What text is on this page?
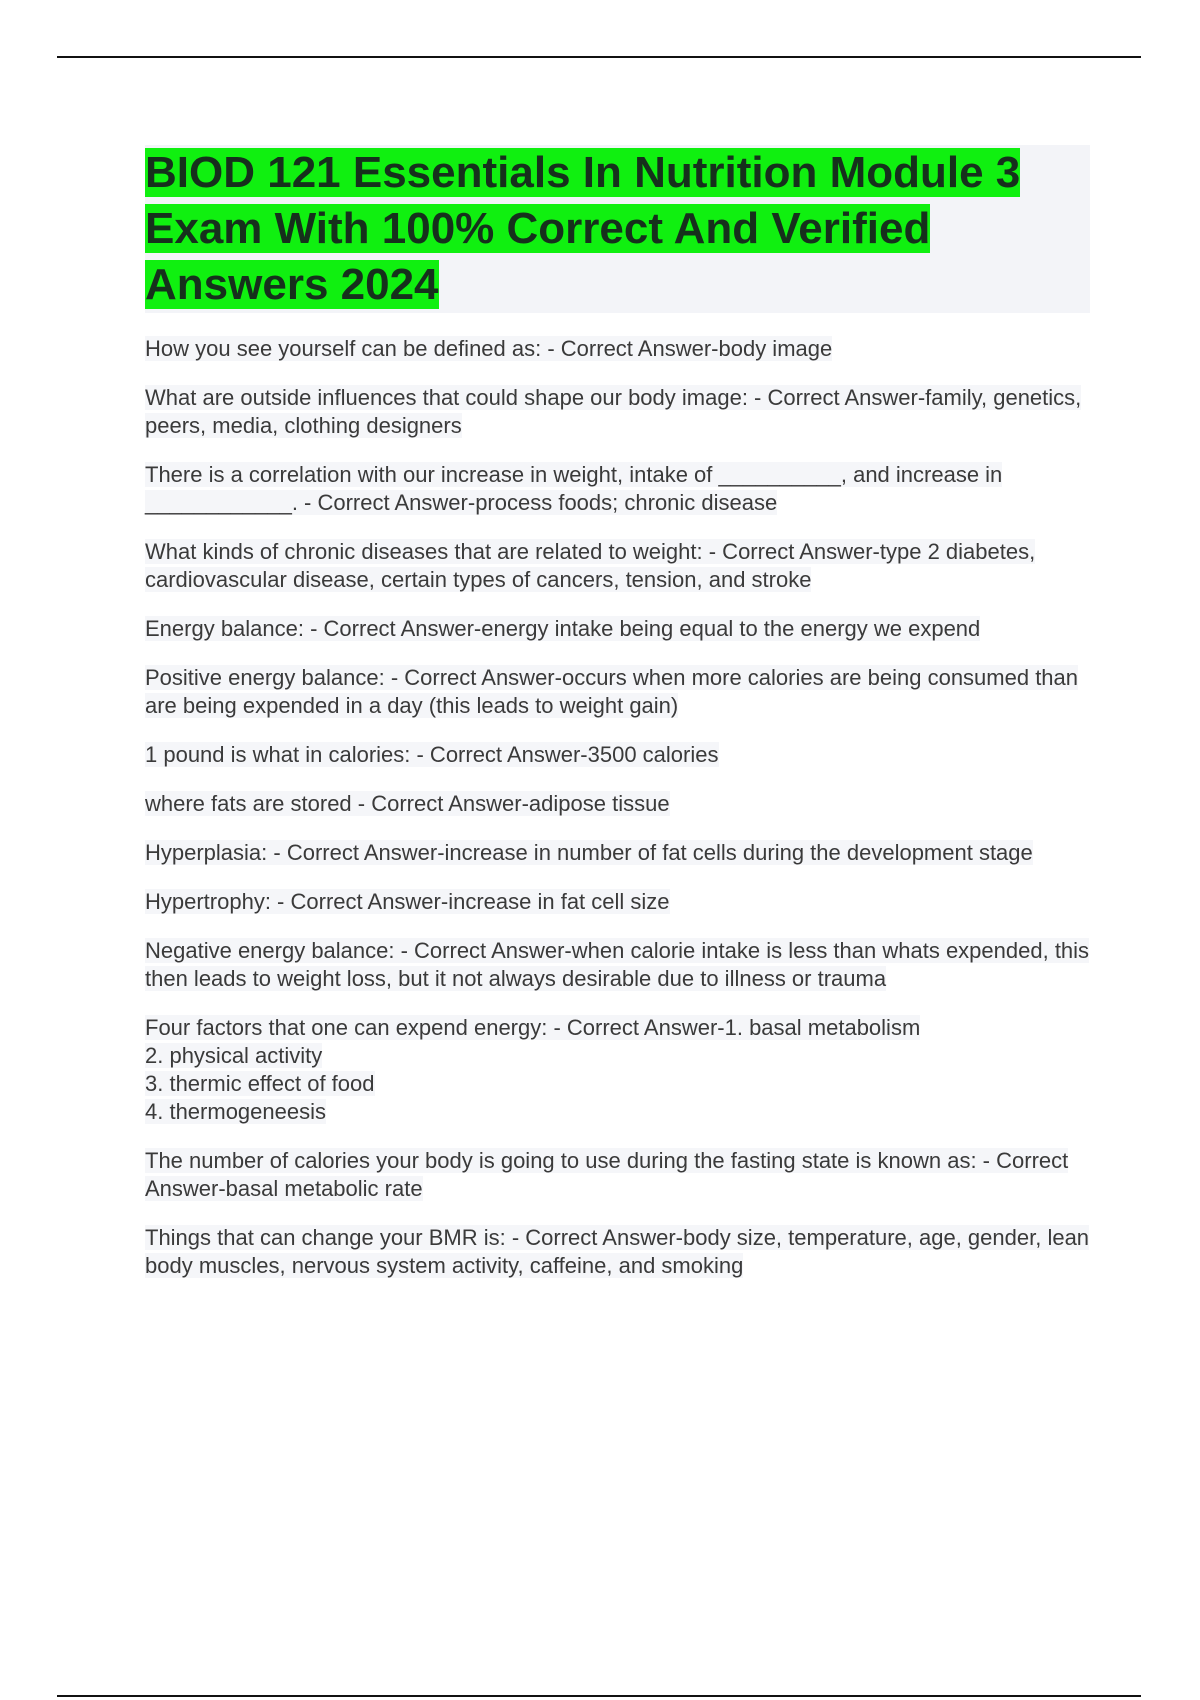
BIOD 121 Essentials In Nutrition Module 3 Exam With 100% Correct And Verified Answers 2024

How you see yourself can be defined as: - Correct Answer-body image

What are outside influences that could shape our body image: - Correct Answer-family, genetics, peers, media, clothing designers

There is a correlation with our increase in weight, intake of __________, and increase in ____________. - Correct Answer-process foods; chronic disease

What kinds of chronic diseases that are related to weight: - Correct Answer-type 2 diabetes, cardiovascular disease, certain types of cancers, tension, and stroke

Energy balance: - Correct Answer-energy intake being equal to the energy we expend

Positive energy balance: - Correct Answer-occurs when more calories are being consumed than are being expended in a day (this leads to weight gain)

1 pound is what in calories: - Correct Answer-3500 calories

where fats are stored - Correct Answer-adipose tissue

Hyperplasia: - Correct Answer-increase in number of fat cells during the development stage

Hypertrophy: - Correct Answer-increase in fat cell size

Negative energy balance: - Correct Answer-when calorie intake is less than whats expended, this then leads to weight loss, but it not always desirable due to illness or trauma

Four factors that one can expend energy: - Correct Answer-1. basal metabolism
2. physical activity
3. thermic effect of food
4. thermogeneesis

The number of calories your body is going to use during the fasting state is known as: - Correct Answer-basal metabolic rate

Things that can change your BMR is: - Correct Answer-body size, temperature, age, gender, lean body muscles, nervous system activity, caffeine, and smoking
